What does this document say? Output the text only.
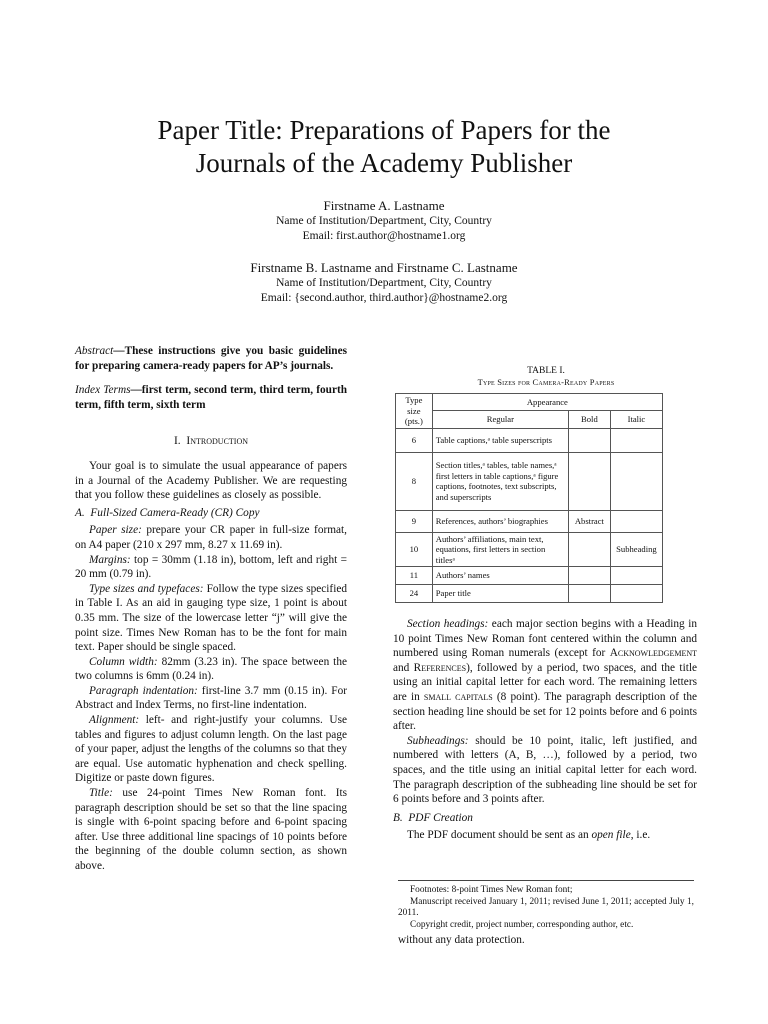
Paper Title: Preparations of Papers for the
Journals of the Academy Publisher
Firstname A. Lastname
Name of Institution/Department, City, Country
Email: first.author@hostname1.org
Firstname B. Lastname and Firstname C. Lastname
Name of Institution/Department, City, Country
Email: {second.author, third.author}@hostname2.org

Abstract—These instructions give you basic guidelines for preparing camera-ready papers for AP’s journals.

Index Terms—first term, second term, third term, fourth term, fifth term, sixth term

I. Introduction

Your goal is to simulate the usual appearance of papers in a Journal of the Academy Publisher. We are requesting that you follow these guidelines as closely as possible.

A. Full-Sized Camera-Ready (CR) Copy

Paper size: prepare your CR paper in full-size format, on A4 paper (210 x 297 mm, 8.27 x 11.69 in).

Margins: top = 30mm (1.18 in), bottom, left and right = 20 mm (0.79 in).

Type sizes and typefaces: Follow the type sizes specified in Table I. As an aid in gauging type size, 1 point is about 0.35 mm. The size of the lowercase letter “j” will give the point size. Times New Roman has to be the font for main text. Paper should be single spaced.

Column width: 82mm (3.23 in). The space between the two columns is 6mm (0.24 in).

Paragraph indentation: first-line 3.7 mm (0.15 in). For Abstract and Index Terms, no first-line indentation.

Alignment: left- and right-justify your columns. Use tables and figures to adjust column length. On the last page of your paper, adjust the lengths of the columns so that they are equal. Use automatic hyphenation and check spelling. Digitize or paste down figures.

Title: use 24-point Times New Roman font. Its paragraph description should be set so that the line spacing is single with 6-point spacing before and 6-point spacing after. Use three additional line spacings of 10 points before the beginning of the double column section, as shown above.

TABLE I.
Type Sizes for Camera-Ready Papers
Type size (pts.)	Appearance		
	Regular	Bold	Italic
6	Table captions,ᵃ table superscripts		
8	Section titles,ᵃ tables, table names,ᵃ first letters in table captions,ᵃ figure captions, footnotes, text subscripts, and superscripts		
9	References, authors’ biographies	Abstract	
10	Authors’ affiliations, main text, equations, first letters in section titlesᵃ		Subheading
11	Authors’ names		
24	Paper title		

Section headings: each major section begins with a Heading in 10 point Times New Roman font centered within the column and numbered using Roman numerals (except for Acknowledgement and References), followed by a period, two spaces, and the title using an initial capital letter for each word. The remaining letters are in small capitals (8 point). The paragraph description of the section heading line should be set for 12 points before and 6 points after.

Subheadings: should be 10 point, italic, left justified, and numbered with letters (A, B, …), followed by a period, two spaces, and the title using an initial capital letter for each word. The paragraph description of the subheading line should be set for 6 points before and 3 points after.

B. PDF Creation

The PDF document should be sent as an open file, i.e.

Footnotes: 8-point Times New Roman font;

Manuscript received January 1, 2011; revised June 1, 2011; accepted July 1, 2011.

Copyright credit, project number, corresponding author, etc.

without any data protection.
